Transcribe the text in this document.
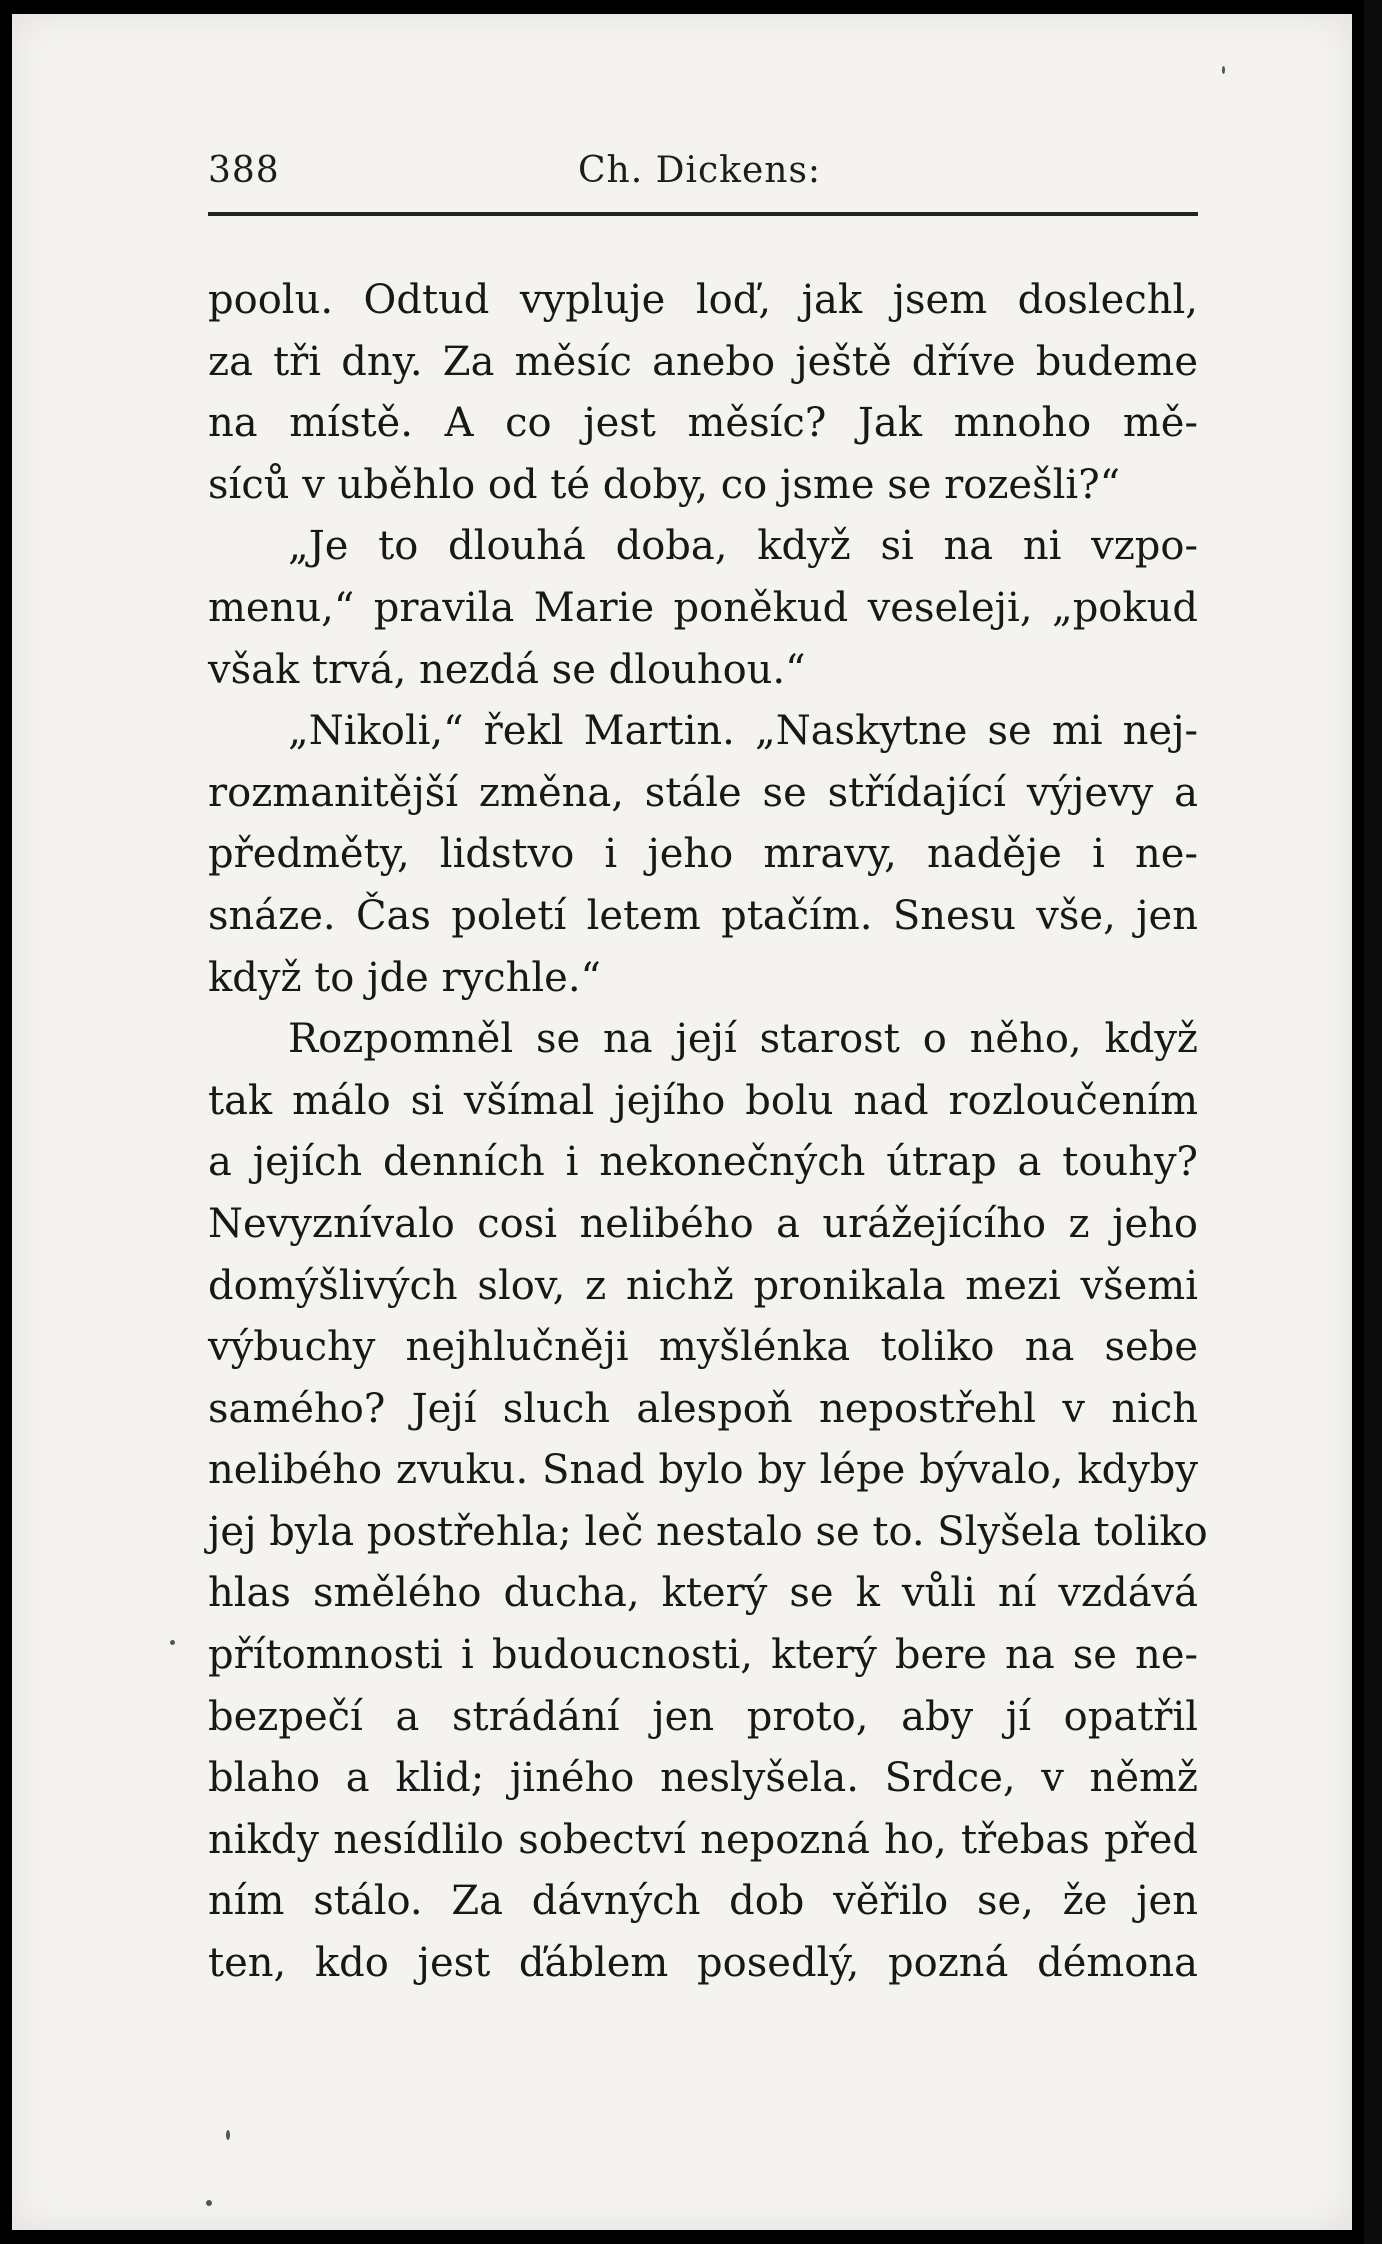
388	Ch. Dickens:
poolu. Odtud vypluje loď, jak jsem doslechl,
za tři dny. Za měsíc anebo ještě dříve budeme
na místě. A co jest měsíc? Jak mnoho mě-
síců v uběhlo od té doby, co jsme se rozešli?“
„Je to dlouhá doba, když si na ni vzpo-
menu,“ pravila Marie poněkud veseleji, „pokud
však trvá, nezdá se dlouhou.“
„Nikoli,“ řekl Martin. „Naskytne se mi nej-
rozmanitější změna, stále se střídající výjevy a
předměty, lidstvo i jeho mravy, naděje i ne-
snáze. Čas poletí letem ptačím. Snesu vše, jen
když to jde rychle.“
Rozpomněl se na její starost o něho, když
tak málo si všímal jejího bolu nad rozloučením
a jejích denních i nekonečných útrap a touhy?
Nevyznívalo cosi nelibého a urážejícího z jeho
domýšlivých slov, z nichž pronikala mezi všemi
výbuchy nejhlučněji myšlénka toliko na sebe
samého? Její sluch alespoň nepostřehl v nich
nelibého zvuku. Snad bylo by lépe bývalo, kdyby
jej byla postřehla; leč nestalo se to. Slyšela toliko
hlas smělého ducha, který se k vůli ní vzdává
přítomnosti i budoucnosti, který bere na se ne-
bezpečí a strádání jen proto, aby jí opatřil
blaho a klid; jiného neslyšela. Srdce, v němž
nikdy nesídlilo sobectví nepozná ho, třebas před
ním stálo. Za dávných dob věřilo se, že jen
ten, kdo jest ďáblem posedlý, pozná démona
